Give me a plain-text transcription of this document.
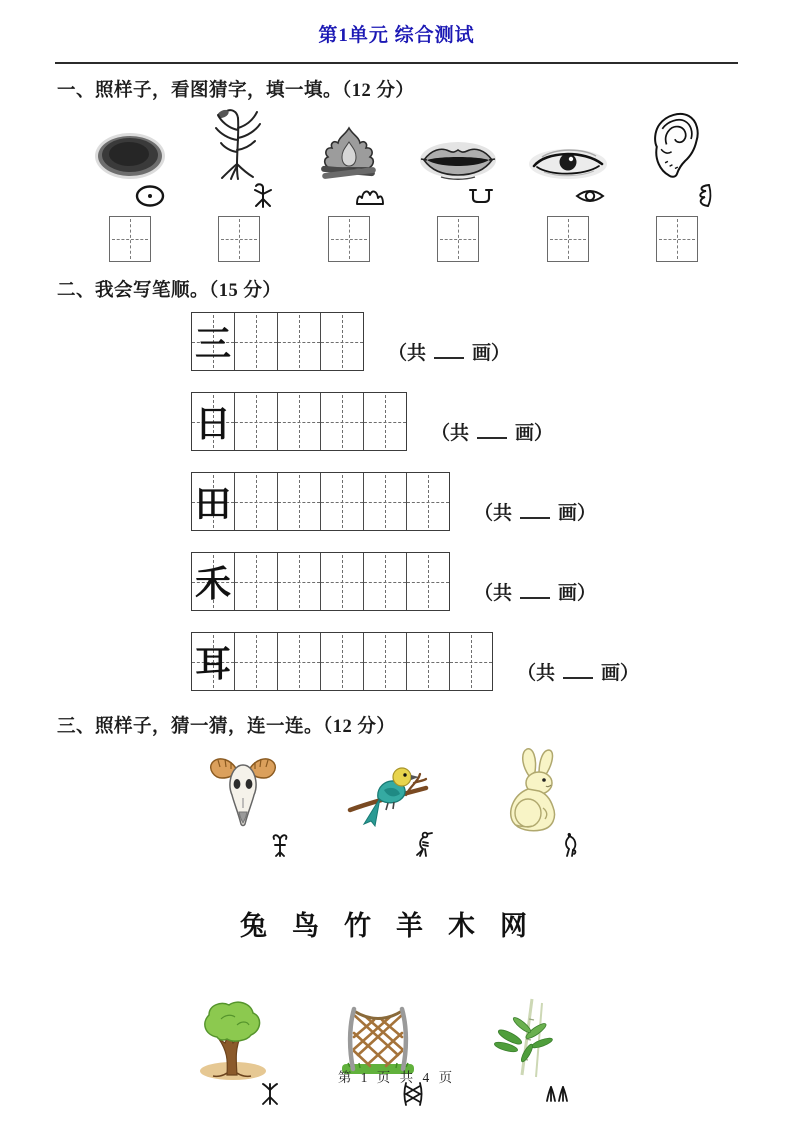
第1单元 综合测试
一、照样子，看图猜字，填一填。（12 分）
二、我会写笔顺。（15 分）
三	（共 画）
日	（共 画）
田	（共 画）
禾	（共 画）
耳	（共 画）
三、照样子，猜一猜，连一连。（12 分）
兔 鸟 竹 羊 木 网
第 1 页 共 4 页
